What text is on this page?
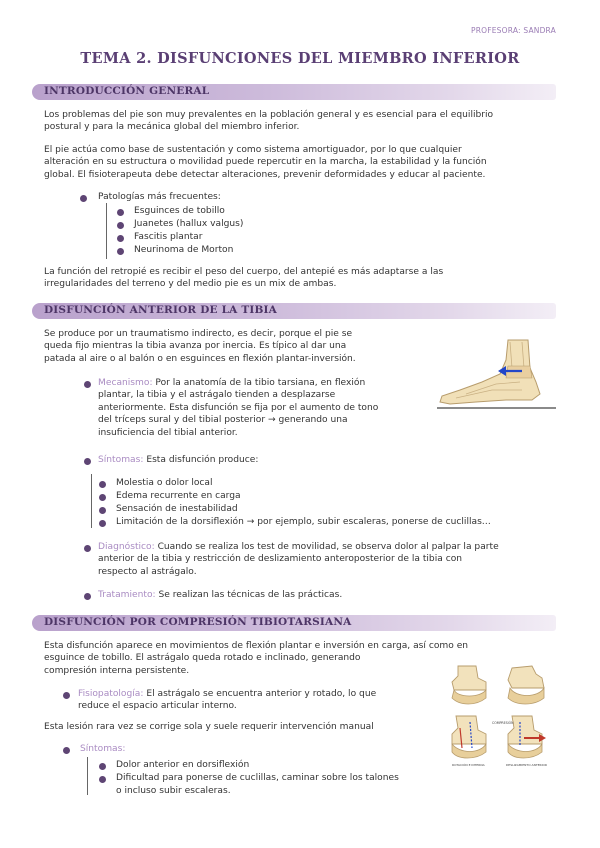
PROFESORA: SANDRA
TEMA 2. DISFUNCIONES DEL MIEMBRO INFERIOR
INTRODUCCIÓN GENERAL
Los problemas del pie son muy prevalentes en la población general y es esencial para el equilibrio
postural y para la mecánica global del miembro inferior.
El pie actúa como base de sustentación y como sistema amortiguador, por lo que cualquier
alteración en su estructura o movilidad puede repercutir en la marcha, la estabilidad y la función
global. El fisioterapeuta debe detectar alteraciones, prevenir deformidades y educar al paciente.
Patologías más frecuentes:
Esguinces de tobillo
Juanetes (hallux valgus)
Fascitis plantar
Neurinoma de Morton
La función del retropié es recibir el peso del cuerpo, del antepié es más adaptarse a las
irregularidades del terreno y del medio pie es un mix de ambas.
DISFUNCIÓN ANTERIOR DE LA TIBIA
Se produce por un traumatismo indirecto, es decir, porque el pie se
queda fijo mientras la tibia avanza por inercia. Es típico al dar una
patada al aire o al balón o en esguinces en flexión plantar-inversión.
Mecanismo: Por la anatomía de la tibio tarsiana, en flexión
plantar, la tibia y el astrágalo tienden a desplazarse
anteriormente. Esta disfunción se fija por el aumento de tono
del tríceps sural y del tibial posterior → generando una
insuficiencia del tibial anterior.
Síntomas: Esta disfunción produce:
Molestia o dolor local
Edema recurrente en carga
Sensación de inestabilidad
Limitación de la dorsiflexión → por ejemplo, subir escaleras, ponerse de cuclillas…
Diagnóstico: Cuando se realiza los test de movilidad, se observa dolor al palpar la parte
anterior de la tibia y restricción de deslizamiento anteroposterior de la tibia con
respecto al astrágalo.
Tratamiento: Se realizan las técnicas de las prácticas.
DISFUNCIÓN POR COMPRESIÓN TIBIOTARSIANA
Esta disfunción aparece en movimientos de flexión plantar e inversión en carga, así como en
esguince de tobillo. El astrágalo queda rotado e inclinado, generando
compresión interna persistente.
Fisiopatología: El astrágalo se encuentra anterior y rotado, lo que
reduce el espacio articular interno.
Esta lesión rara vez se corrige sola y suele requerir intervención manual
Síntomas:
Dolor anterior en dorsiflexión
Dificultad para ponerse de cuclillas, caminar sobre los talones
o incluso subir escaleras.
COMPRESIÓN
ROTACIÓN E INTERNA	DESLIZAMIENTO ANTERIOR
